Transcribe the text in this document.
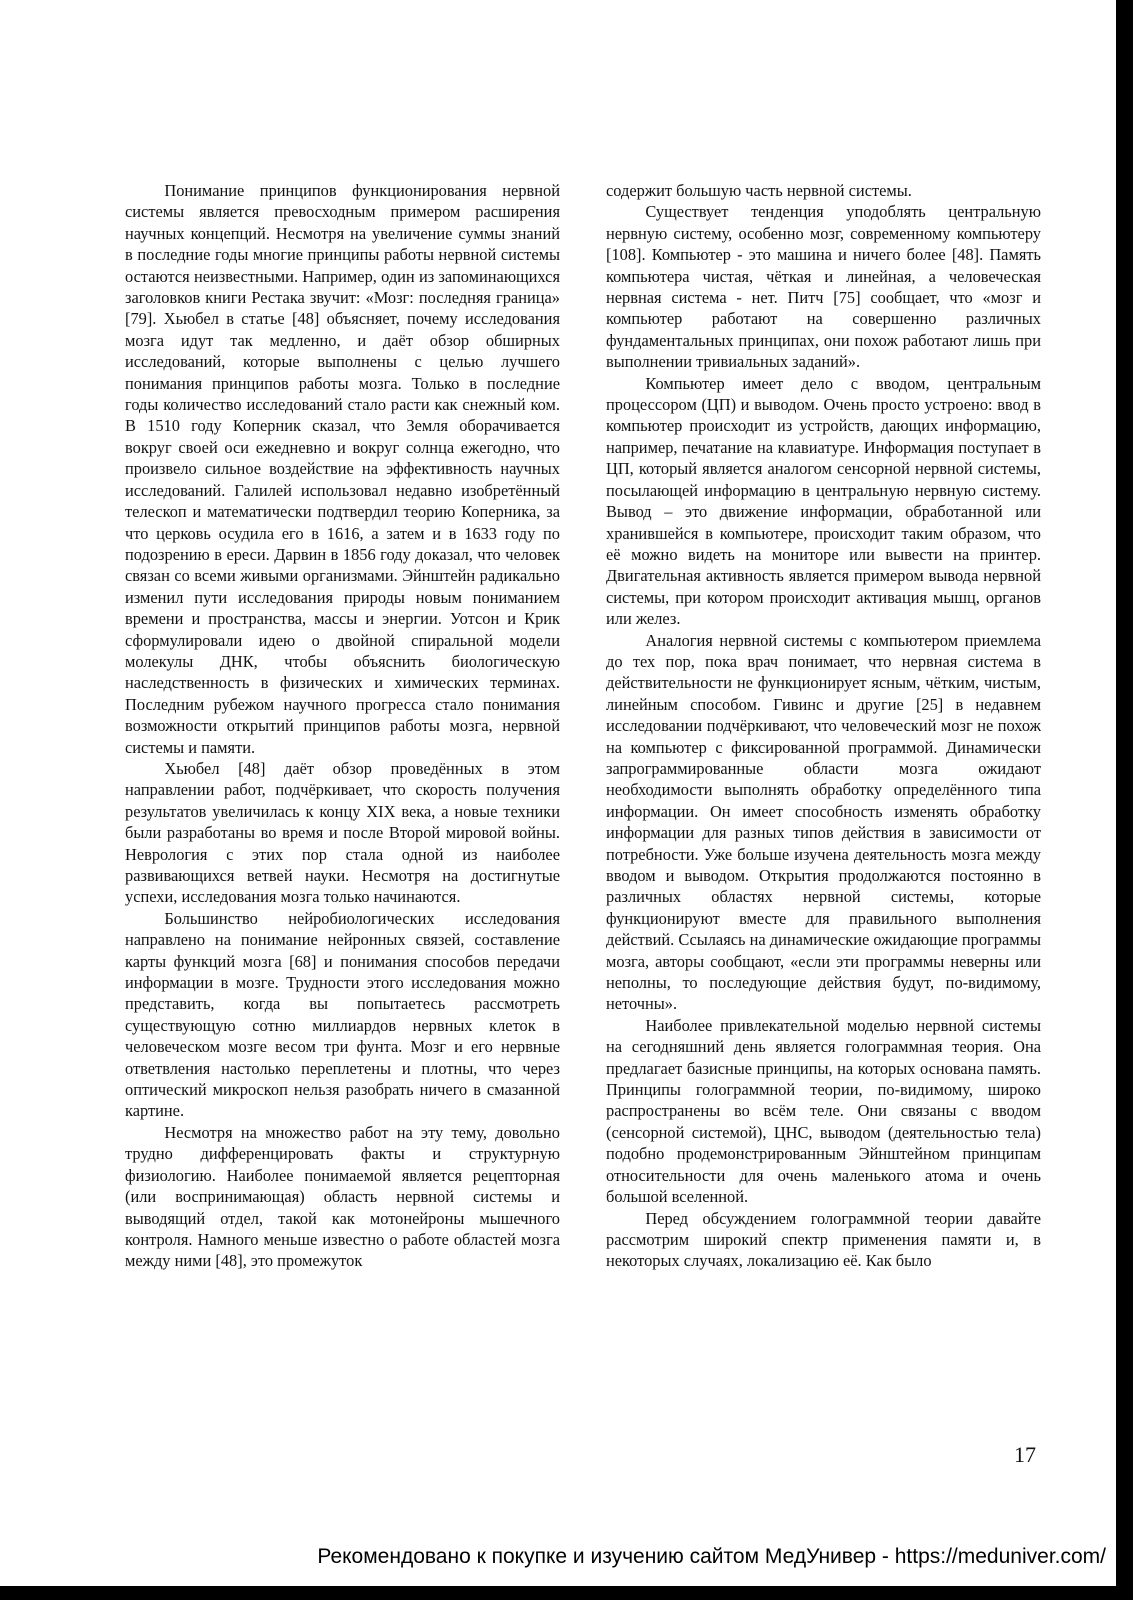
Понимание принципов функционирования нервной системы является превосходным примером расширения научных концепций. Несмотря на увеличение суммы знаний в последние годы многие принципы работы нервной системы остаются неизвестными. Например, один из запоминающихся заголовков книги Рестака звучит: «Мозг: последняя граница» [79]. Хьюбел в статье [48] объясняет, почему исследования мозга идут так медленно, и даёт обзор обширных исследований, которые выполнены с целью лучшего понимания принципов работы мозга. Только в последние годы количество исследований стало расти как снежный ком. В 1510 году Коперник сказал, что Земля оборачивается вокруг своей оси ежедневно и вокруг солнца ежегодно, что произвело сильное воздействие на эффективность научных исследований. Галилей использовал недавно изобретённый телескоп и математически подтвердил теорию Коперника, за что церковь осудила его в 1616, а затем и в 1633 году по подозрению в ереси. Дарвин в 1856 году доказал, что человек связан со всеми живыми организмами. Эйнштейн радикально изменил пути исследования природы новым пониманием времени и пространства, массы и энергии. Уотсон и Крик сформулировали идею о двойной спиральной модели молекулы ДНК, чтобы объяснить биологическую наследственность в физических и химических терминах. Последним рубежом научного прогресса стало понимания возможности открытий принципов работы мозга, нервной системы и памяти.

Хьюбел [48] даёт обзор проведённых в этом направлении работ, подчёркивает, что скорость получения результатов увеличилась к концу XIX века, а новые техники были разработаны во время и после Второй мировой войны. Неврология с этих пор стала одной из наиболее развивающихся ветвей науки. Несмотря на достигнутые успехи, исследования мозга только начинаются.

Большинство нейробиологических исследования направлено на понимание нейронных связей, составление карты функций мозга [68] и понимания способов передачи информации в мозге. Трудности этого исследования можно представить, когда вы попытаетесь рассмотреть существующую сотню миллиардов нервных клеток в человеческом мозге весом три фунта. Мозг и его нервные ответвления настолько переплетены и плотны, что через оптический микроскоп нельзя разобрать ничего в смазанной картине.

Несмотря на множество работ на эту тему, довольно трудно дифференцировать факты и структурную физиологию. Наиболее понимаемой является рецепторная (или воспринимающая) область нервной системы и выводящий отдел, такой как мотонейроны мышечного контроля. Намного меньше известно о работе областей мозга между ними [48], это промежуток

содержит большую часть нервной системы.

Существует тенденция уподоблять центральную нервную систему, особенно мозг, современному компьютеру [108]. Компьютер - это машина и ничего более [48]. Память компьютера чистая, чёткая и линейная, а человеческая нервная система - нет. Питч [75] сообщает, что «мозг и компьютер работают на совершенно различных фундаментальных принципах, они похож работают лишь при выполнении тривиальных заданий».

Компьютер имеет дело с вводом, центральным процессором (ЦП) и выводом. Очень просто устроено: ввод в компьютер происходит из устройств, дающих информацию, например, печатание на клавиатуре. Информация поступает в ЦП, который является аналогом сенсорной нервной системы, посылающей информацию в центральную нервную систему. Вывод – это движение информации, обработанной или хранившейся в компьютере, происходит таким образом, что её можно видеть на мониторе или вывести на принтер. Двигательная активность является примером вывода нервной системы, при котором происходит активация мышц, органов или желез.

Аналогия нервной системы с компьютером приемлема до тех пор, пока врач понимает, что нервная система в действительности не функционирует ясным, чётким, чистым, линейным способом. Гивинс и другие [25] в недавнем исследовании подчёркивают, что человеческий мозг не похож на компьютер с фиксированной программой. Динамически запрограммированные области мозга ожидают необходимости выполнять обработку определённого типа информации. Он имеет способность изменять обработку информации для разных типов действия в зависимости от потребности. Уже больше изучена деятельность мозга между вводом и выводом. Открытия продолжаются постоянно в различных областях нервной системы, которые функционируют вместе для правильного выполнения действий. Ссылаясь на динамические ожидающие программы мозга, авторы сообщают, «если эти программы неверны или неполны, то последующие действия будут, по-видимому, неточны».

Наиболее привлекательной моделью нервной системы на сегодняшний день является голограммная теория. Она предлагает базисные принципы, на которых основана память. Принципы голограммной теории, по-видимому, широко распространены во всём теле. Они связаны с вводом (сенсорной системой), ЦНС, выводом (деятельностью тела) подобно продемонстрированным Эйнштейном принципам относительности для очень маленького атома и очень большой вселенной.

Перед обсуждением голограммной теории давайте рассмотрим широкий спектр применения памяти и, в некоторых случаях, локализацию её. Как было

17
Рекомендовано к покупке и изучению сайтом МедУнивер - https://meduniver.com/
